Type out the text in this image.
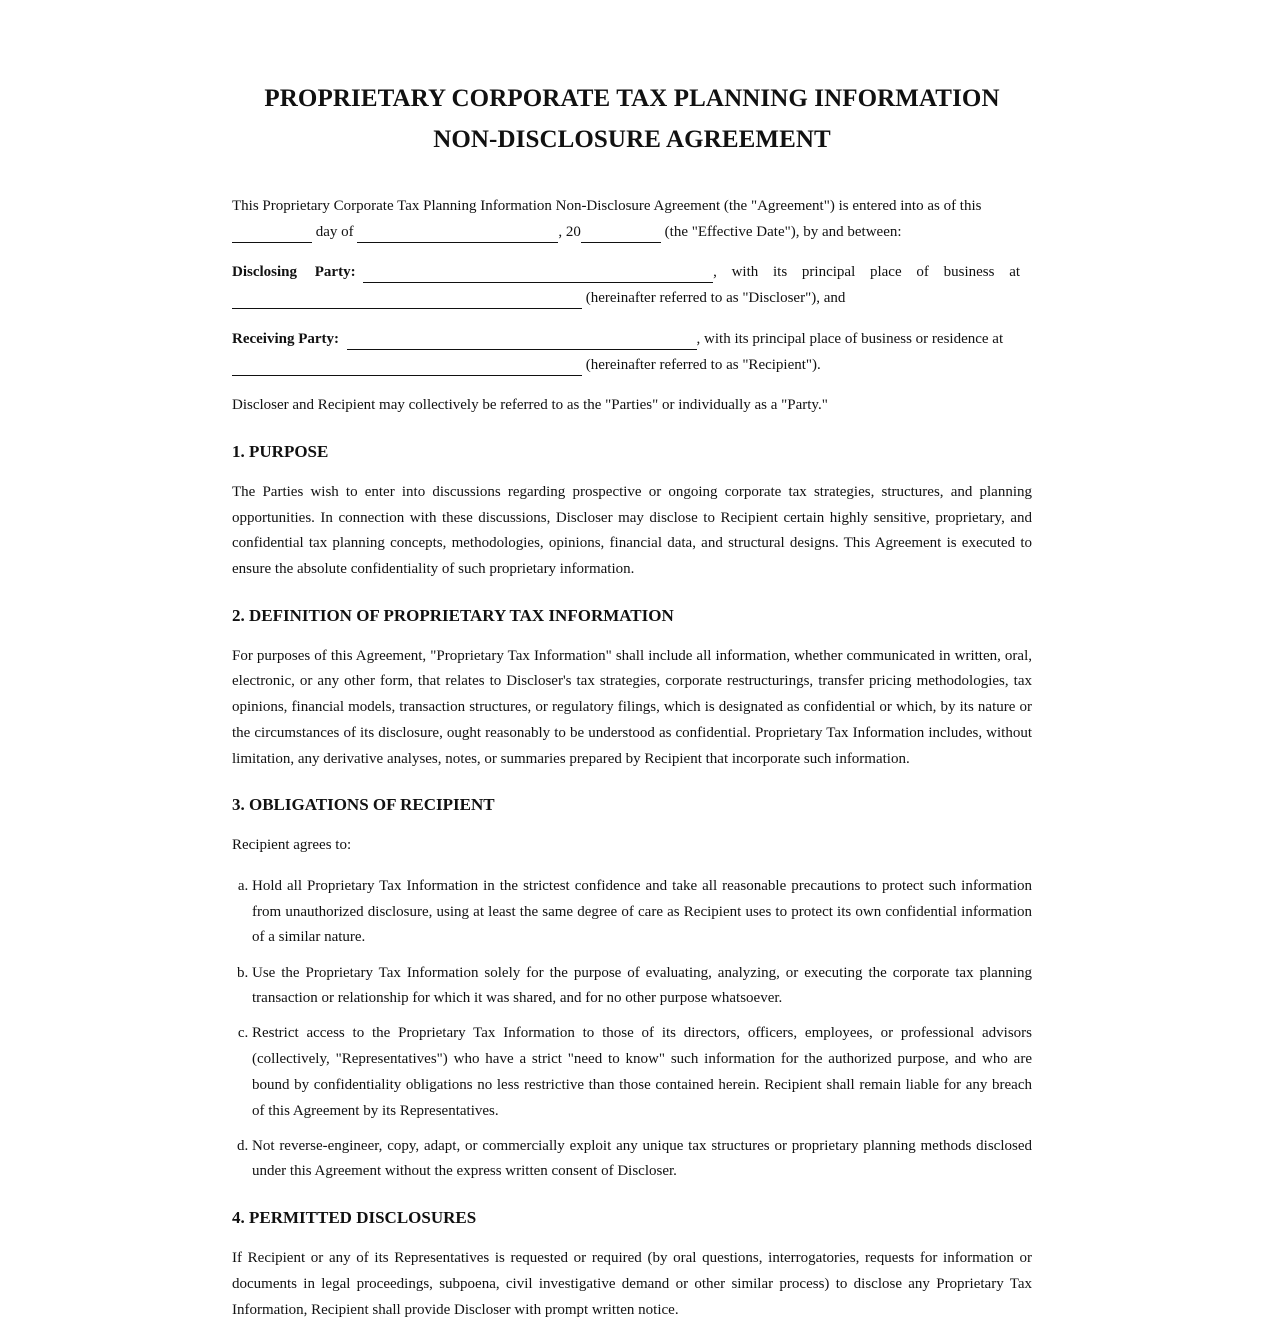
PROPRIETARY CORPORATE TAX PLANNING INFORMATION
NON-DISCLOSURE AGREEMENT

This Proprietary Corporate Tax Planning Information Non-Disclosure Agreement (the "Agreement") is entered into as of this
day of	, 20	(the "Effective Date"), by and between:

Disclosing Party:	, with its principal place of business at
(hereinafter referred to as "Discloser"), and

Receiving Party:	, with its principal place of business or residence at
(hereinafter referred to as "Recipient").

Discloser and Recipient may collectively be referred to as the "Parties" or individually as a "Party."

1. PURPOSE

The Parties wish to enter into discussions regarding prospective or ongoing corporate tax strategies, structures, and planning opportunities. In connection with these discussions, Discloser may disclose to Recipient certain highly sensitive, proprietary, and confidential tax planning concepts, methodologies, opinions, financial data, and structural designs. This Agreement is executed to ensure the absolute confidentiality of such proprietary information.

2. DEFINITION OF PROPRIETARY TAX INFORMATION

For purposes of this Agreement, "Proprietary Tax Information" shall include all information, whether communicated in written, oral, electronic, or any other form, that relates to Discloser's tax strategies, corporate restructurings, transfer pricing methodologies, tax opinions, financial models, transaction structures, or regulatory filings, which is designated as confidential or which, by its nature or the circumstances of its disclosure, ought reasonably to be understood as confidential. Proprietary Tax Information includes, without limitation, any derivative analyses, notes, or summaries prepared by Recipient that incorporate such information.

3. OBLIGATIONS OF RECIPIENT

Recipient agrees to:

a. Hold all Proprietary Tax Information in the strictest confidence and take all reasonable precautions to protect such information from unauthorized disclosure, using at least the same degree of care as Recipient uses to protect its own confidential information of a similar nature.
b. Use the Proprietary Tax Information solely for the purpose of evaluating, analyzing, or executing the corporate tax planning transaction or relationship for which it was shared, and for no other purpose whatsoever.
c. Restrict access to the Proprietary Tax Information to those of its directors, officers, employees, or professional advisors (collectively, "Representatives") who have a strict "need to know" such information for the authorized purpose, and who are bound by confidentiality obligations no less restrictive than those contained herein. Recipient shall remain liable for any breach of this Agreement by its Representatives.
d. Not reverse-engineer, copy, adapt, or commercially exploit any unique tax structures or proprietary planning methods disclosed under this Agreement without the express written consent of Discloser.
4. PERMITTED DISCLOSURES

If Recipient or any of its Representatives is requested or required (by oral questions, interrogatories, requests for information or documents in legal proceedings, subpoena, civil investigative demand or other similar process) to disclose any Proprietary Tax Information, Recipient shall provide Discloser with prompt written notice.
